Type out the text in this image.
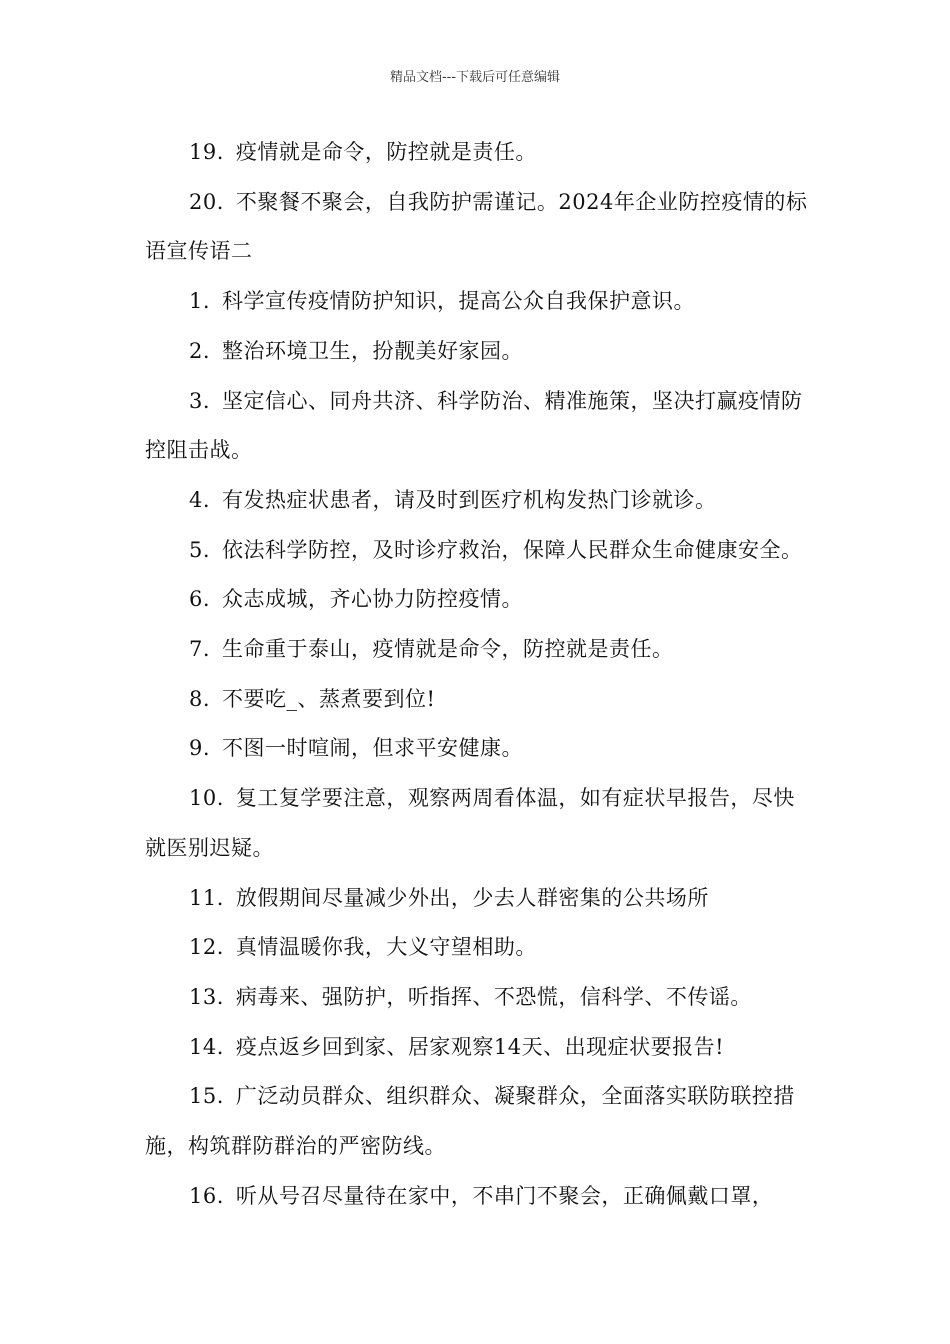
精品文档---下载后可任意编辑

19. 疫情就是命令，防控就是责任。

20. 不聚餐不聚会，自我防护需谨记。2024年企业防控疫情的标语宣传语二

1. 科学宣传疫情防护知识，提高公众自我保护意识。

2. 整治环境卫生，扮靓美好家园。

3. 坚定信心、同舟共济、科学防治、精准施策，坚决打赢疫情防控阻击战。

4. 有发热症状患者，请及时到医疗机构发热门诊就诊。

5. 依法科学防控，及时诊疗救治，保障人民群众生命健康安全。

6. 众志成城，齐心协力防控疫情。

7. 生命重于泰山，疫情就是命令，防控就是责任。

8. 不要吃_、蒸煮要到位!

9. 不图一时喧闹，但求平安健康。

10. 复工复学要注意，观察两周看体温，如有症状早报告，尽快就医别迟疑。

11. 放假期间尽量减少外出，少去人群密集的公共场所

12. 真情温暖你我，大义守望相助。

13. 病毒来、强防护，听指挥、不恐慌，信科学、不传谣。

14. 疫点返乡回到家、居家观察14天、出现症状要报告!

15. 广泛动员群众、组织群众、凝聚群众，全面落实联防联控措施，构筑群防群治的严密防线。

16. 听从号召尽量待在家中，不串门不聚会，正确佩戴口罩，
